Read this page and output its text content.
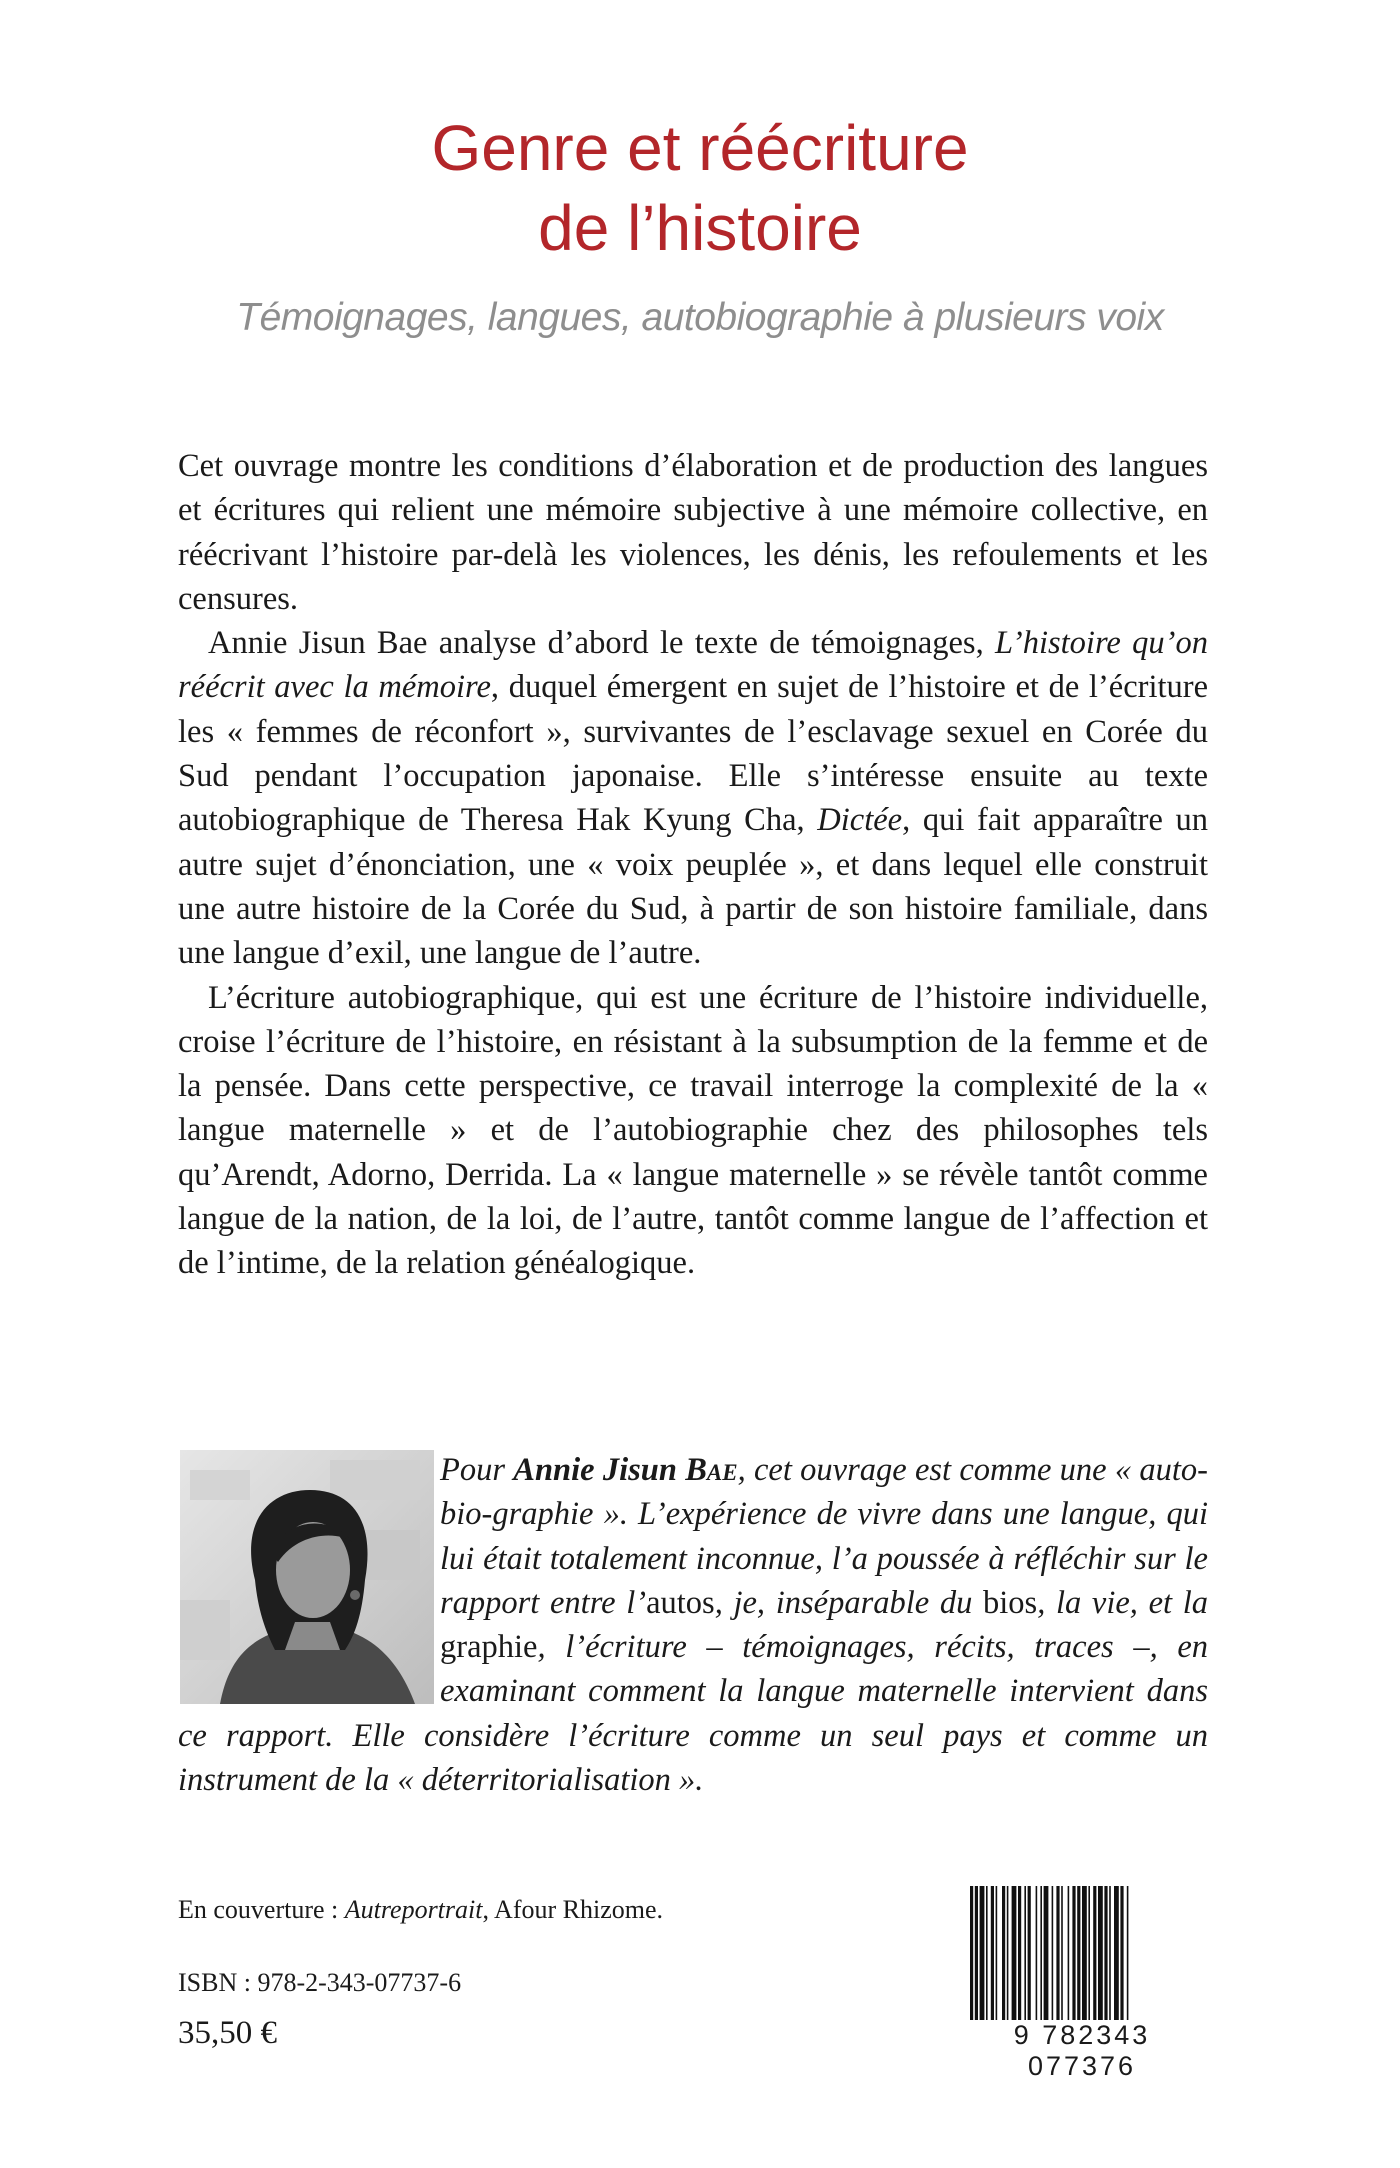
Genre et réécriture
de l’histoire

Témoignages, langues, autobiographie à plusieurs voix

Cet ouvrage montre les conditions d’élaboration et de production des langues et écritures qui relient une mémoire subjective à une mémoire collective, en réécrivant l’histoire par-delà les violences, les dénis, les refoulements et les censures.

Annie Jisun Bae analyse d’abord le texte de témoignages, L’histoire qu’on réécrit avec la mémoire, duquel émergent en sujet de l’histoire et de l’écriture les « femmes de réconfort », survivantes de l’esclavage sexuel en Corée du Sud pendant l’occupation japonaise. Elle s’intéresse ensuite au texte autobiographique de Theresa Hak Kyung Cha, Dictée, qui fait apparaître un autre sujet d’énonciation, une « voix peuplée », et dans lequel elle construit une autre histoire de la Corée du Sud, à partir de son histoire familiale, dans une langue d’exil, une langue de l’autre.

L’écriture autobiographique, qui est une écriture de l’histoire individuelle, croise l’écriture de l’histoire, en résistant à la subsumption de la femme et de la pensée. Dans cette perspective, ce travail interroge la complexité de la « langue maternelle » et de l’autobiographie chez des philosophes tels qu’Arendt, Adorno, Derrida. La « langue maternelle » se révèle tantôt comme langue de la nation, de la loi, de l’autre, tantôt comme langue de l’affection et de l’intime, de la relation généalogique.

Pour Annie Jisun Bae, cet ouvrage est comme une « auto-bio-graphie ». L’expérience de vivre dans une langue, qui lui était totalement inconnue, l’a poussée à réfléchir sur le rapport entre l’autos, je, inséparable du bios, la vie, et la graphie, l’écriture – témoignages, récits, traces –, en examinant comment la langue maternelle intervient dans ce rapport. Elle considère l’écriture comme un seul pays et comme un instrument de la « déterritorialisation ».

En couverture : Autreportrait, Afour Rhizome.
ISBN : 978-2-343-07737-6
35,50 €	9 782343 077376
